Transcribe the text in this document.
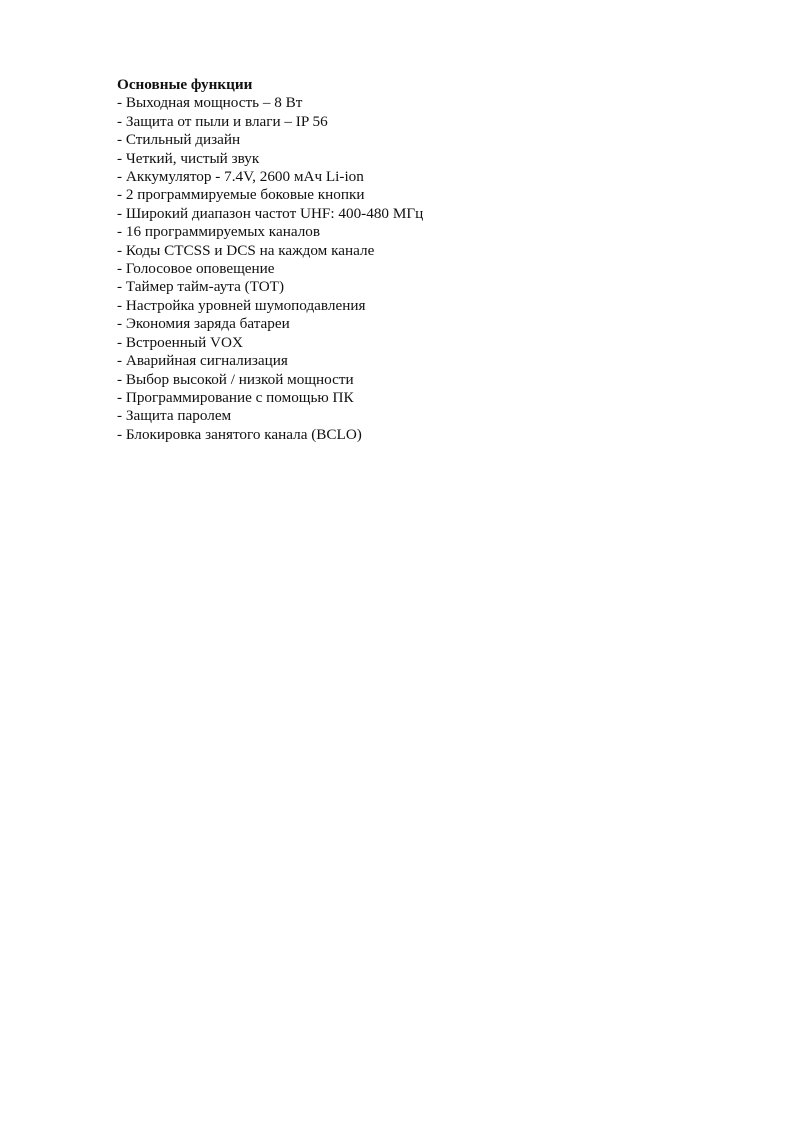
Основные функции

- Выходная мощность – 8 Вт
- Защита от пыли и влаги – IP 56
- Стильный дизайн
- Четкий, чистый звук
- Аккумулятор - 7.4V, 2600 мАч Li-ion
- 2 программируемые боковые кнопки
- Широкий диапазон частот UHF: 400-480 МГц
- 16 программируемых каналов
- Коды CTCSS и DCS на каждом канале
- Голосовое оповещение
- Таймер тайм-аута (TOT)
- Настройка уровней шумоподавления
- Экономия заряда батареи
- Встроенный VOX
- Аварийная сигнализация
- Выбор высокой / низкой мощности
- Программирование с помощью ПК
- Защита паролем
- Блокировка занятого канала (BCLO)
